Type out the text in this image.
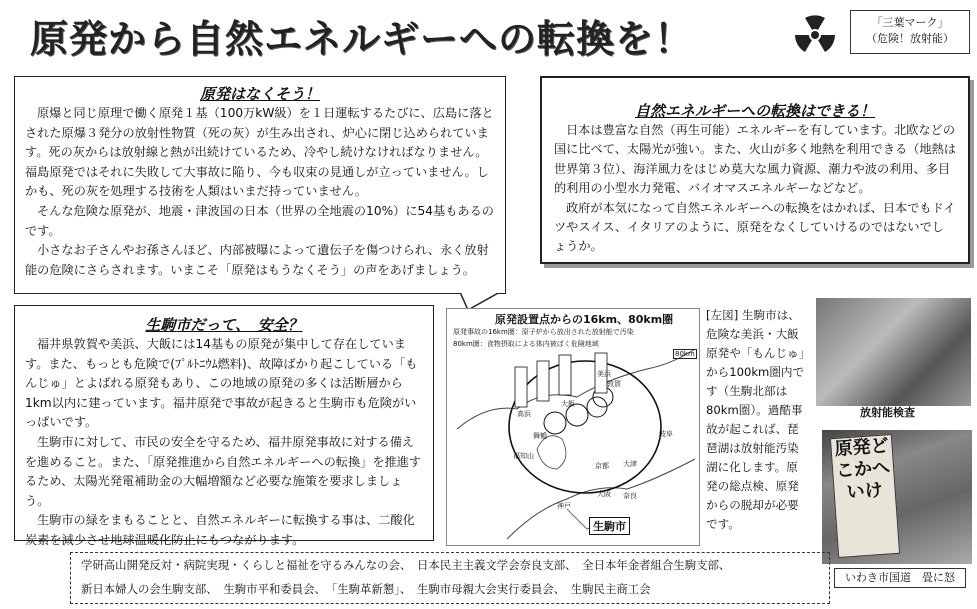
原発から自然エネルギーへの転換を！	「三葉マーク」
（危険！放射能）
原発はなくそう！

原爆と同じ原理で働く原発１基（100万kW級）を１日運転するたびに、広島に落とされた原爆３発分の放射性物質（死の灰）が生み出され、炉心に閉じ込められています。死の灰からは放射線と熱が出続けているため、冷やし続けなければなりません。福島原発ではそれに失敗して大事故に陥り、今も収束の見通しが立っていません。しかも、死の灰を処理する技術を人類はいまだ持っていません。

そんな危険な原発が、地震・津波国の日本（世界の全地震の10%）に54基もあるのです。

小さなお子さんやお孫さんほど、内部被曝によって遺伝子を傷つけられ、永く放射能の危険にさらされます。いまこそ「原発はもうなくそう」の声をあげましょう。

自然エネルギーへの転換はできる！

日本は豊富な自然（再生可能）エネルギーを有しています。北欧などの国に比べて、太陽光が強い。また、火山が多く地熱を利用できる（地熱は世界第３位）、海洋風力をはじめ莫大な風力資源、潮力や波の利用、多目的利用の小型水力発電、バイオマスエネルギーなどなど。

政府が本気になって自然エネルギーへの転換をはかれば、日本でもドイツやスイス、イタリアのように、原発をなくしていけるのではないでしょうか。

生駒市だって、　安全？

福井県敦賀や美浜、大飯には14基もの原発が集中して存在しています。また、もっとも危険で(ﾌﾟﾙﾄﾆｳﾑ燃料)、故障ばかり起こしている「もんじゅ」とよばれる原発もあり、この地域の原発の多くは活断層から1km以内に建っています。福井原発で事故が起きると生駒市も危険がいっぱいです。

生駒市に対して、市民の安全を守るため、福井原発事故に対する備えを進めること。また、「原発推進から自然エネルギーへの転換」を推進するため、太陽光発電補助金の大幅増額など必要な施策を要求しましょう。

生駒市の緑をまもることと、自然エネルギーに転換する事は、二酸化炭素を減少させ地球温暖化防止にもつながります。

原発設置点からの16km、80km圏
原発事故の16km圏：原子炉から放出された放射能で汚染
80km圏：食物摂取による体内被ばく危険地域
80km
敦賀
美浜
大飯
高浜
京都 大津
大阪
神戸
奈良
福知山
舞鶴	岐阜
生駒市
[左図] 生駒市は、危険な美浜・大飯原発や「もんじゅ」から100km圏内です（生駒北部は80km圏）。過酷事故が起これば、琵琶湖は放射能汚染湖に化します。原発の総点検、原発からの脱却が必要です。
放射能検査
原発どこかへいけ
いわき市国道　畳に怒
学研高山開発反対・病院実現・くらしと福祉を守るみんなの会、　日本民主主義文学会奈良支部、　全日本年金者組合生駒支部、
新日本婦人の会生駒支部、　生駒市平和委員会、　「生駒革新懇」、　生駒市母親大会実行委員会、　生駒民主商工会
